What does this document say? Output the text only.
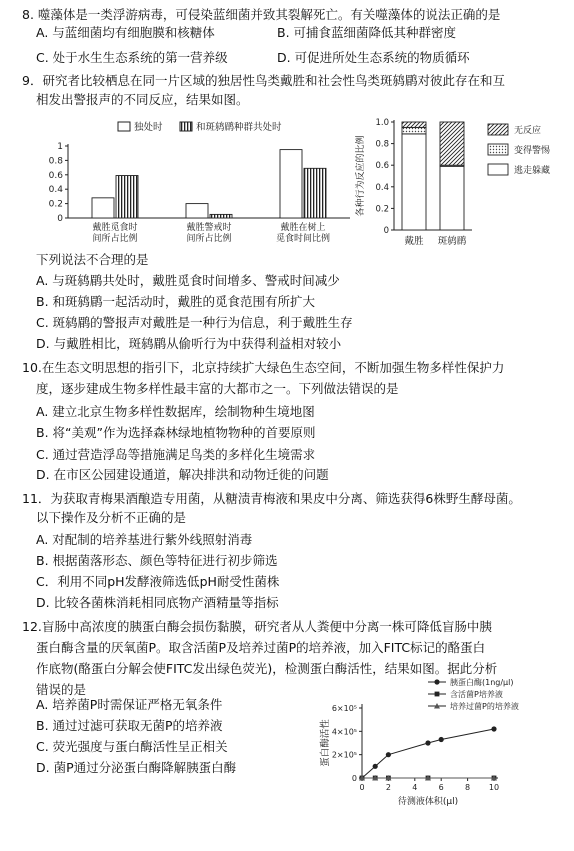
8. 噬藻体是一类浮游病毒，可侵染蓝细菌并致其裂解死亡。有关噬藻体的说法正确的是
A. 与蓝细菌均有细胞膜和核糖体	B. 可捕食蓝细菌降低其种群密度
C. 处于水生生态系统的第一营养级	D. 可促进所处生态系统的物质循环
9．研究者比较栖息在同一片区域的独居性鸟类戴胜和社会性鸟类斑鸫鹛对彼此存在和互
相发出警报声的不同反应，结果如图。
0
0.2
0.4
0.6
0.8
1
独处时	和斑鸫鹛种群共处时
戴胜觅食时
间所占比例
戴胜警戒时
间所占比例
戴胜在树上
觅食时间比例
0
0.2
0.4
0.6
0.8
1.0
各种行为反应的比例
戴胜 斑鸫鹛
无反应
变得警惕
逃走躲藏
下列说法不合理的是
A. 与斑鸫鹛共处时，戴胜觅食时间增多、警戒时间减少
B. 和斑鸫鹛一起活动时，戴胜的觅食范围有所扩大
C. 斑鸫鹛的警报声对戴胜是一种行为信息，利于戴胜生存
D. 与戴胜相比，斑鸫鹛从偷听行为中获得利益相对较小
10.在生态文明思想的指引下，北京持续扩大绿色生态空间，不断加强生物多样性保护力
度，逐步建成生物多样性最丰富的大都市之一。下列做法错误的是
A. 建立北京生物多样性数据库，绘制物种生境地图
B. 将“美观”作为选择森林绿地植物物种的首要原则
C. 通过营造浮岛等措施满足鸟类的多样化生境需求
D. 在市区公园建设通道，解决排洪和动物迁徙的问题
11．为获取青梅果酒酿造专用菌，从糖渍青梅液和果皮中分离、筛选获得6株野生酵母菌。
以下操作及分析不正确的是
A. 对配制的培养基进行紫外线照射消毒
B. 根据菌落形态、颜色等特征进行初步筛选
C．利用不同pH发酵液筛选低pH耐受性菌株
D. 比较各菌株消耗相同底物产酒精量等指标
12.盲肠中高浓度的胰蛋白酶会损伤黏膜，研究者从人粪便中分离一株可降低盲肠中胰
蛋白酶含量的厌氧菌P。取含活菌P及培养过菌P的培养液，加入FITC标记的酪蛋白
作底物(酪蛋白分解会使FITC发出绿色荧光)，检测蛋白酶活性，结果如图。据此分析
错误的是
A. 培养菌P时需保证严格无氧条件
B. 通过过滤可获取无菌P的培养液
C. 荧光强度与蛋白酶活性呈正相关
D. 菌P通过分泌蛋白酶降解胰蛋白酶
0
2×10⁵
4×10⁵
6×10⁵
0	2	4	6	8 10
待测液体积(μl)
蛋白酶活性
胰蛋白酶(1ng/μl)
含活菌P培养液
培养过菌P的培养液
